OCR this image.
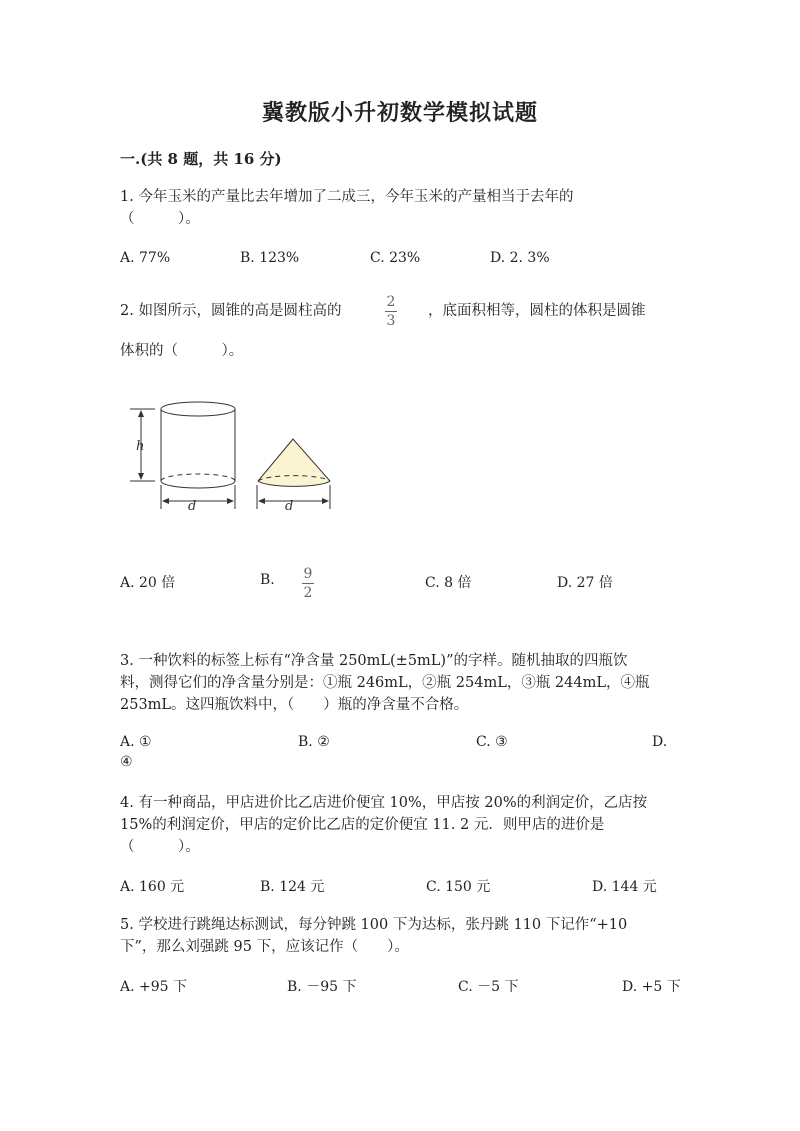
冀教版小升初数学模拟试题
一.(共 8 题，共 16 分)
1. 今年玉米的产量比去年增加了二成三，今年玉米的产量相当于去年的
（　　　）。
A. 77%	B. 123%	C. 23%	D. 2. 3%
2. 如图所示，圆锥的高是圆柱高的
2
3
，底面积相等，圆柱的体积是圆锥
体积的（　　　）。
h
d	d
A. 20 倍	B. 9
2
C. 8 倍	D. 27 倍
3. 一种饮料的标签上标有“净含量 250mL(±5mL)”的字样。随机抽取的四瓶饮
料，测得它们的净含量分别是：①瓶 246mL，②瓶 254mL，③瓶 244mL，④瓶
253mL。这四瓶饮料中，（　　）瓶的净含量不合格。
A. ①	B. ②	C. ③	D.
④
4. 有一种商品，甲店进价比乙店进价便宜 10%，甲店按 20%的利润定价，乙店按
15%的利润定价，甲店的定价比乙店的定价便宜 11. 2 元．则甲店的进价是
（　　　）。
A. 160 元	B. 124 元	C. 150 元	D. 144 元
5. 学校进行跳绳达标测试，每分钟跳 100 下为达标，张丹跳 110 下记作“+10
下”，那么刘强跳 95 下，应该记作（　　）。
A. +95 下	B. －95 下	C. －5 下	D. +5 下
